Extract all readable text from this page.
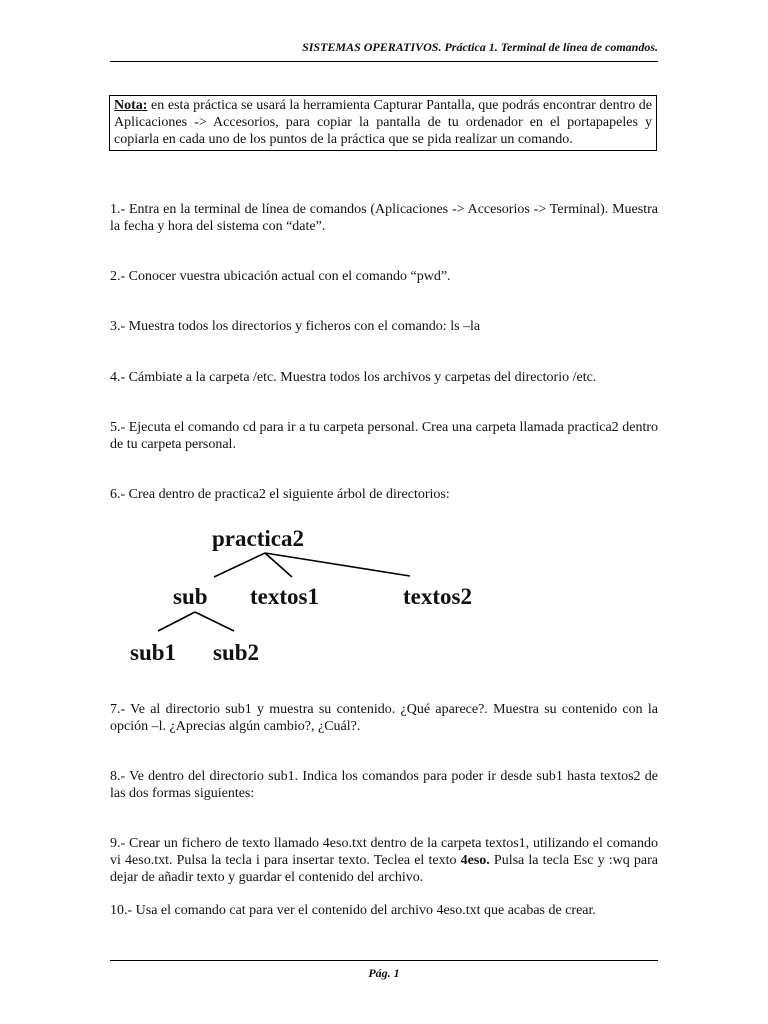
SISTEMAS OPERATIVOS. Práctica 1. Terminal de línea de comandos.
Nota: en esta práctica se usará la herramienta Capturar Pantalla, que podrás encontrar dentro de Aplicaciones -> Accesorios, para copiar la pantalla de tu ordenador en el portapapeles y copiarla en cada uno de los puntos de la práctica que se pida realizar un comando.
1.- Entra en la terminal de línea de comandos (Aplicaciones -> Accesorios -> Terminal). Muestra la fecha y hora del sistema con “date”.
2.- Conocer vuestra ubicación actual con el comando “pwd”.
3.- Muestra todos los directorios y ficheros con el comando: ls –la
4.- Cámbiate a la carpeta /etc. Muestra todos los archivos y carpetas del directorio /etc.
5.- Ejecuta el comando cd para ir a tu carpeta personal. Crea una carpeta llamada practica2 dentro de tu carpeta personal.
6.- Crea dentro de practica2 el siguiente árbol de directorios:
practica2
sub textos1	textos2
sub1 sub2
7.- Ve al directorio sub1 y muestra su contenido. ¿Qué aparece?. Muestra su contenido con la opción –l. ¿Aprecias algún cambio?, ¿Cuál?.
8.- Ve dentro del directorio sub1. Indica los comandos para poder ir desde sub1 hasta textos2 de las dos formas siguientes:
9.- Crear un fichero de texto llamado 4eso.txt dentro de la carpeta textos1, utilizando el comando vi 4eso.txt. Pulsa la tecla i para insertar texto. Teclea el texto 4eso. Pulsa la tecla Esc y :wq para dejar de añadir texto y guardar el contenido del archivo.
10.- Usa el comando cat para ver el contenido del archivo 4eso.txt que acabas de crear.
Pág. 1
